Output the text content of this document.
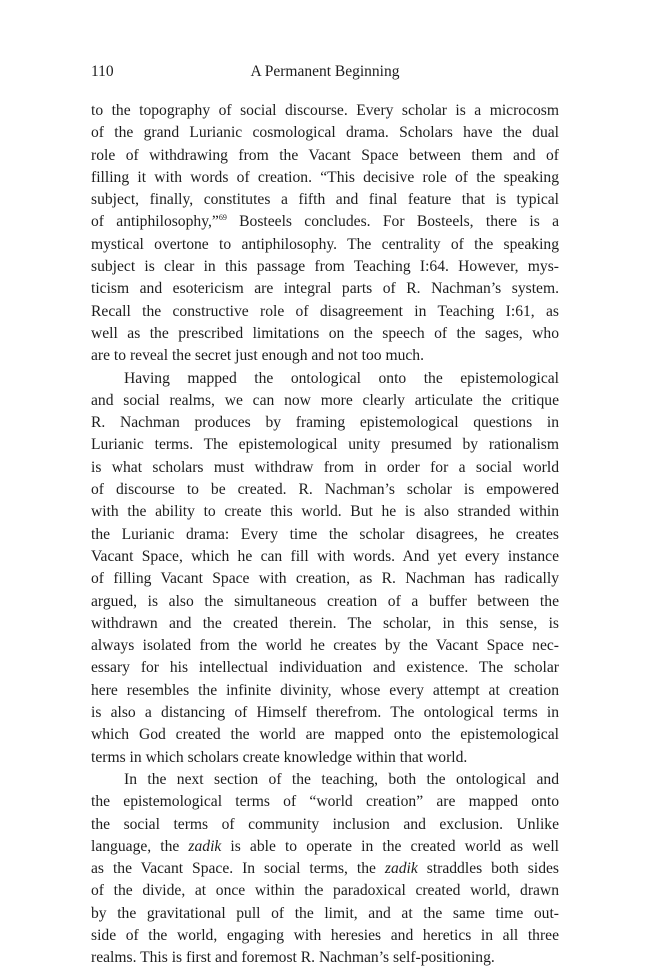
110	A Permanent Beginning
to the topography of social discourse. Every scholar is a microcosm
of the grand Lurianic cosmological drama. Scholars have the dual
role of withdrawing from the Vacant Space between them and of
filling it with words of creation. “This decisive role of the speaking
subject, finally, constitutes a fifth and final feature that is typical
of antiphilosophy,”$^{69}$ Bosteels concludes. For Bosteels, there is a
mystical overtone to antiphilosophy. The centrality of the speaking
subject is clear in this passage from Teaching I:64. However, mys-
ticism and esotericism are integral parts of R. Nachman’s system.
Recall the constructive role of disagreement in Teaching I:61, as
well as the prescribed limitations on the speech of the sages, who
are to reveal the secret just enough and not too much.
Having mapped the ontological onto the epistemological
and social realms, we can now more clearly articulate the critique
R. Nachman produces by framing epistemological questions in
Lurianic terms. The epistemological unity presumed by rationalism
is what scholars must withdraw from in order for a social world
of discourse to be created. R. Nachman’s scholar is empowered
with the ability to create this world. But he is also stranded within
the Lurianic drama: Every time the scholar disagrees, he creates
Vacant Space, which he can fill with words. And yet every instance
of filling Vacant Space with creation, as R. Nachman has radically
argued, is also the simultaneous creation of a buffer between the
withdrawn and the created therein. The scholar, in this sense, is
always isolated from the world he creates by the Vacant Space nec-
essary for his intellectual individuation and existence. The scholar
here resembles the infinite divinity, whose every attempt at creation
is also a distancing of Himself therefrom. The ontological terms in
which God created the world are mapped onto the epistemological
terms in which scholars create knowledge within that world.
In the next section of the teaching, both the ontological and
the epistemological terms of “world creation” are mapped onto
the social terms of community inclusion and exclusion. Unlike
language, the zadik is able to operate in the created world as well
as the Vacant Space. In social terms, the zadik straddles both sides
of the divide, at once within the paradoxical created world, drawn
by the gravitational pull of the limit, and at the same time out-
side of the world, engaging with heresies and heretics in all three
realms. This is first and foremost R. Nachman’s self-positioning.
